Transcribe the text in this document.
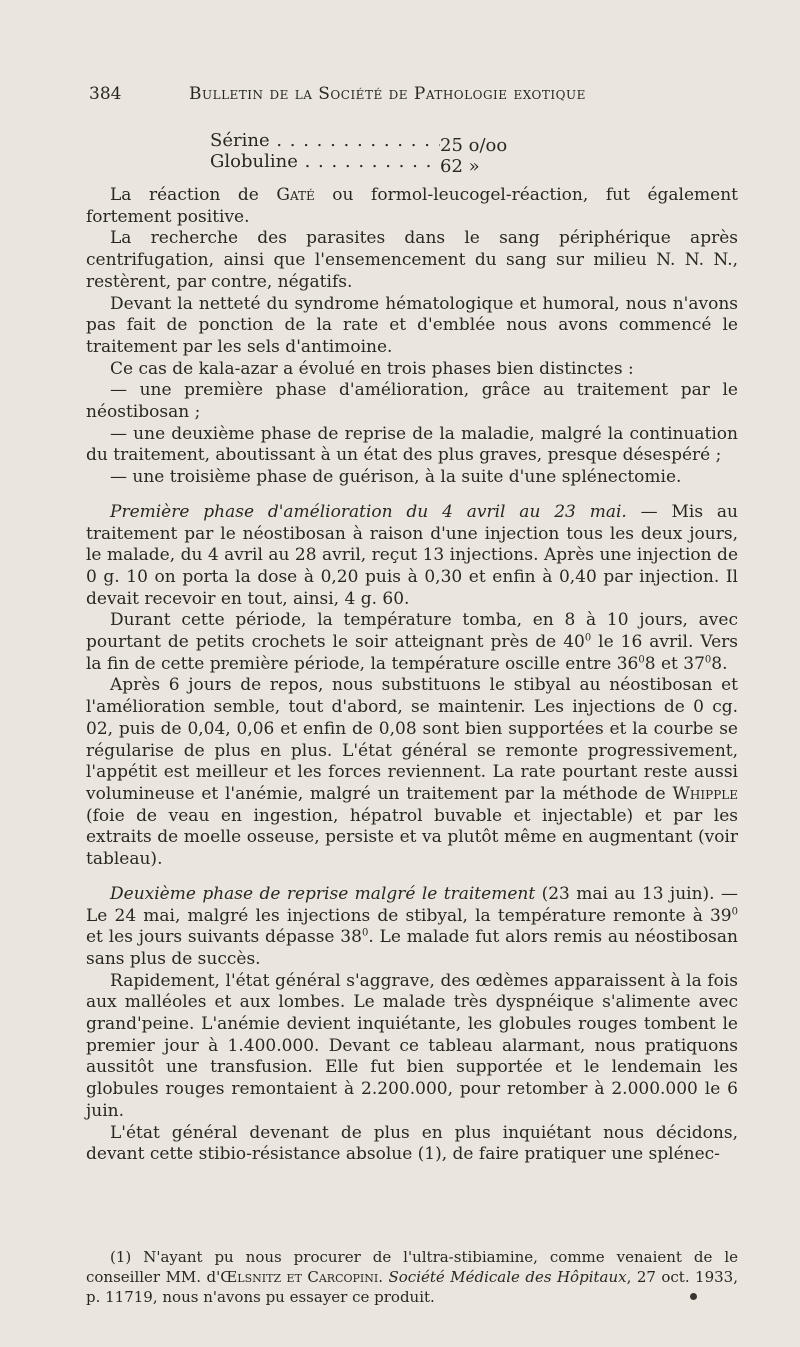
384	Bulletin de la Société de Pathologie exotique
Sérine . . .	25 o/oo
Globuline . . .	62 »

La réaction de Gaté ou formol-leucogel-réaction, fut également fortement positive.

La recherche des parasites dans le sang périphérique après centrifugation, ainsi que l'ensemencement du sang sur milieu N. N. N., restèrent, par contre, négatifs.

Devant la netteté du syndrome hématologique et humoral, nous n'avons pas fait de ponction de la rate et d'emblée nous avons commencé le traitement par les sels d'antimoine.

Ce cas de kala-azar a évolué en trois phases bien distinctes :

— une première phase d'amélioration, grâce au traitement par le néostibosan ;

— une deuxième phase de reprise de la maladie, malgré la continuation du traitement, aboutissant à un état des plus graves, presque désespéré ;

— une troisième phase de guérison, à la suite d'une splénectomie.

Première phase d'amélioration du 4 avril au 23 mai. — Mis au traitement par le néostibosan à raison d'une injection tous les deux jours, le malade, du 4 avril au 28 avril, reçut 13 injections. Après une injection de 0 g. 10 on porta la dose à 0,20 puis à 0,30 et enfin à 0,40 par injection. Il devait recevoir en tout, ainsi, 4 g. 60.

Durant cette période, la température tomba, en 8 à 10 jours, avec pourtant de petits crochets le soir atteignant près de $40^0$ le 16 avril. Vers la fin de cette première période, la température oscille entre $36^08$ et $37^08$.

Après 6 jours de repos, nous substituons le stibyal au néostibosan et l'amélioration semble, tout d'abord, se maintenir. Les injections de 0 cg. 02, puis de 0,04, 0,06 et enfin de 0,08 sont bien supportées et la courbe se régularise de plus en plus. L'état général se remonte progressivement, l'appétit est meilleur et les forces reviennent. La rate pourtant reste aussi volumineuse et l'anémie, malgré un traitement par la méthode de Whipple (foie de veau en ingestion, hépatrol buvable et injectable) et par les extraits de moelle osseuse, persiste et va plutôt même en augmentant (voir tableau).

Deuxième phase de reprise malgré le traitement (23 mai au 13 juin). — Le 24 mai, malgré les injections de stibyal, la température remonte à $39^0$ et les jours suivants dépasse $38^0$. Le malade fut alors remis au néostibosan sans plus de succès.

Rapidement, l'état général s'aggrave, des œdèmes apparaissent à la fois aux malléoles et aux lombes. Le malade très dyspnéique s'alimente avec grand'peine. L'anémie devient inquiétante, les globules rouges tombent le premier jour à 1.400.000. Devant ce tableau alarmant, nous pratiquons aussitôt une transfusion. Elle fut bien supportée et le lendemain les globules rouges remontaient à 2.200.000, pour retomber à 2.000.000 le 6 juin.

L'état général devenant de plus en plus inquiétant nous décidons, devant cette stibio-résistance absolue (1), de faire pratiquer une splénec-

(1) N'ayant pu nous procurer de l'ultra-stibiamine, comme venaient de le conseiller MM. d'Œlsnitz et Carcopini. Société Médicale des Hôpitaux, 27 oct. 1933, p. 11719, nous n'avons pu essayer ce produit.
